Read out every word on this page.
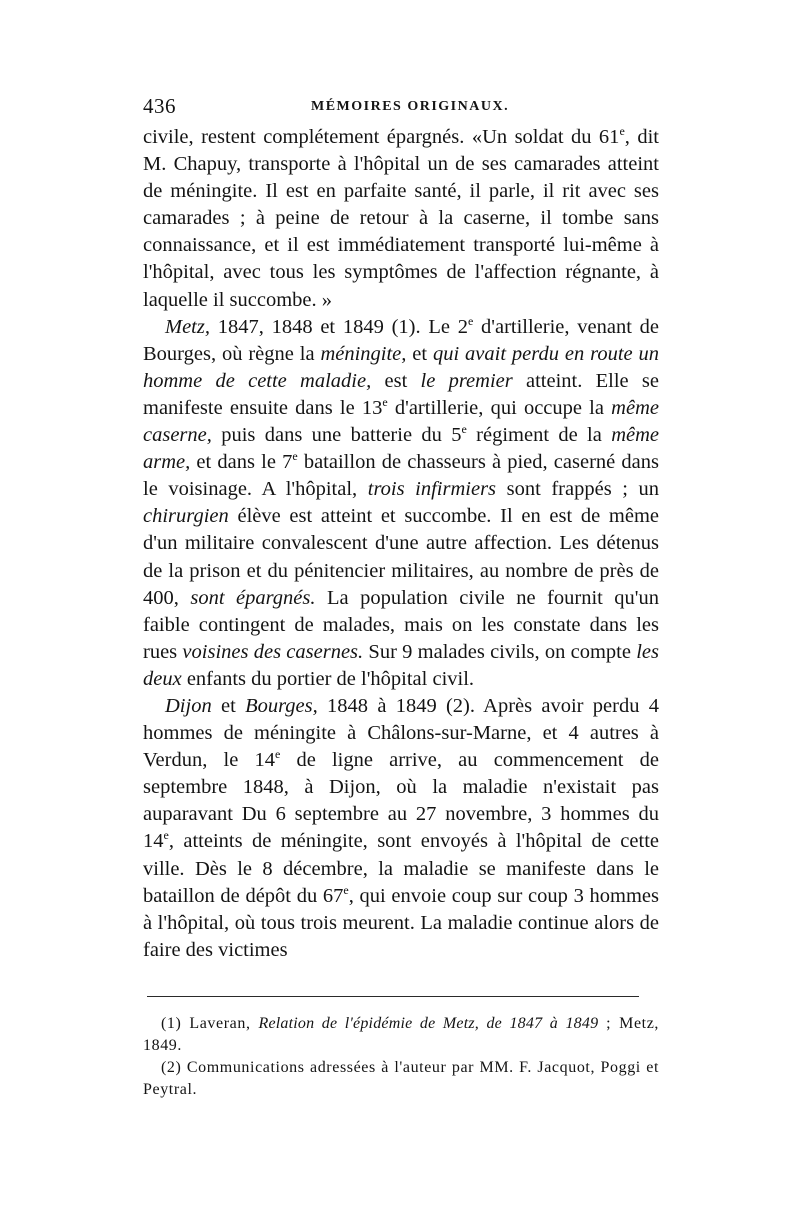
436	MÉMOIRES ORIGINAUX.

civile, restent complétement épargnés. «Un soldat du 61e, dit M. Chapuy, transporte à l'hôpital un de ses camarades atteint de méningite. Il est en parfaite santé, il parle, il rit avec ses camarades ; à peine de retour à la caserne, il tombe sans connaissance, et il est immédiatement transporté lui-même à l'hôpital, avec tous les symptômes de l'affection régnante, à laquelle il succombe. »

Metz, 1847, 1848 et 1849 (1). Le 2e d'artillerie, venant de Bourges, où règne la méningite, et qui avait perdu en route un homme de cette maladie, est le premier atteint. Elle se manifeste ensuite dans le 13e d'artillerie, qui occupe la même caserne, puis dans une batterie du 5e régiment de la même arme, et dans le 7e bataillon de chasseurs à pied, caserné dans le voisinage. A l'hôpital, trois infirmiers sont frappés ; un chirurgien élève est atteint et succombe. Il en est de même d'un militaire convalescent d'une autre affection. Les détenus de la prison et du pénitencier militaires, au nombre de près de 400, sont épargnés. La population civile ne fournit qu'un faible contingent de malades, mais on les constate dans les rues voisines des casernes. Sur 9 malades civils, on compte les deux enfants du portier de l'hôpital civil.

Dijon et Bourges, 1848 à 1849 (2). Après avoir perdu 4 hommes de méningite à Châlons-sur-Marne, et 4 autres à Verdun, le 14e de ligne arrive, au commencement de septembre 1848, à Dijon, où la maladie n'existait pas auparavant Du 6 septembre au 27 novembre, 3 hommes du 14e, atteints de méningite, sont envoyés à l'hôpital de cette ville. Dès le 8 décembre, la maladie se manifeste dans le bataillon de dépôt du 67e, qui envoie coup sur coup 3 hommes à l'hôpital, où tous trois meurent. La maladie continue alors de faire des victimes

(1) Laveran, Relation de l'épidémie de Metz, de 1847 à 1849 ; Metz, 1849.

(2) Communications adressées à l'auteur par MM. F. Jacquot, Poggi et Peytral.
